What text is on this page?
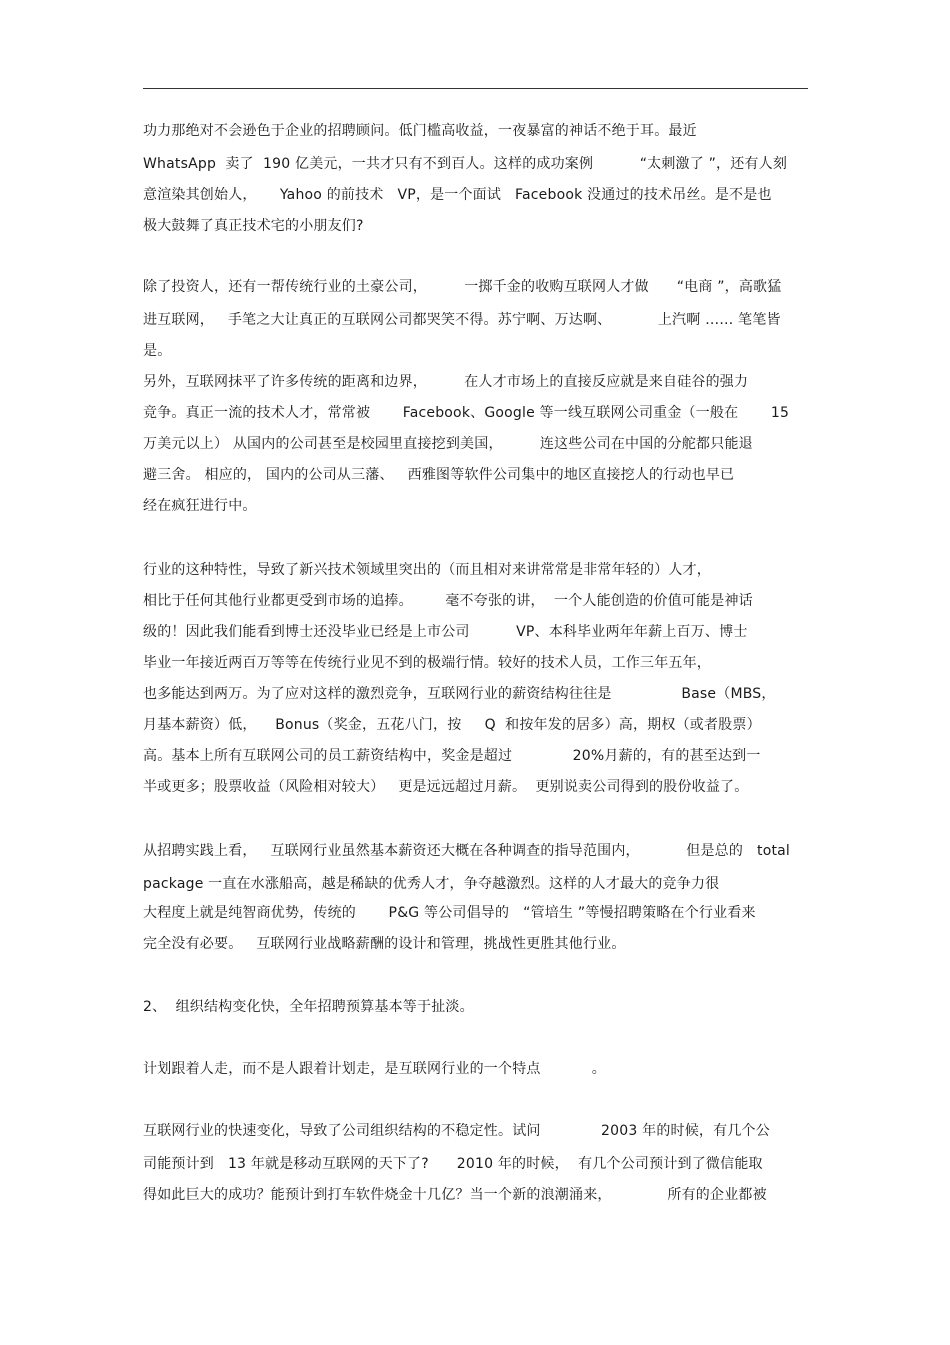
功力那绝对不会逊色于企业的招聘顾问。低门槛高收益，一夜暴富的神话不绝于耳。最近
WhatsApp  卖了  190 亿美元，一共才只有不到百人。这样的成功案例          “太刺激了 ”，还有人刻
意渲染其创始人，     Yahoo 的前技术   VP，是一个面试   Facebook 没通过的技术吊丝。是不是也
极大鼓舞了真正技术宅的小朋友们?
除了投资人，还有一帮传统行业的土豪公司，        一掷千金的收购互联网人才做      “电商 ”，高歌猛
进互联网，   手笔之大让真正的互联网公司都哭笑不得。苏宁啊、万达啊、          上汽啊 …… 笔笔皆
是。
另外，互联网抹平了许多传统的距离和边界，        在人才市场上的直接反应就是来自硅谷的强力
竞争。真正一流的技术人才，常常被       Facebook、Google 等一线互联网公司重金（一般在       15
万美元以上） 从国内的公司甚至是校园里直接挖到美国，        连这些公司在中国的分舵都只能退
避三舍。 相应的， 国内的公司从三藩、   西雅图等软件公司集中的地区直接挖人的行动也早已
经在疯狂进行中。
行业的这种特性，导致了新兴技术领域里突出的（而且相对来讲常常是非常年轻的）人才，
相比于任何其他行业都更受到市场的追捧。       毫不夸张的讲，  一个人能创造的价值可能是神话
级的！因此我们能看到博士还没毕业已经是上市公司          VP、本科毕业两年年薪上百万、博士
毕业一年接近两百万等等在传统行业见不到的极端行情。较好的技术人员，工作三年五年，
也多能达到两万。为了应对这样的激烈竞争，互联网行业的薪资结构往往是               Base（MBS，
月基本薪资）低，    Bonus（奖金，五花八门，按     Q  和按年发的居多）高，期权（或者股票）
高。基本上所有互联网公司的员工薪资结构中，奖金是超过             20%月薪的，有的甚至达到一
半或更多；股票收益（风险相对较大）   更是远远超过月薪。  更别说卖公司得到的股份收益了。
从招聘实践上看，   互联网行业虽然基本薪资还大概在各种调查的指导范围内，          但是总的   total
package 一直在水涨船高，越是稀缺的优秀人才，争夺越激烈。这样的人才最大的竞争力很
大程度上就是纯智商优势，传统的       P&G 等公司倡导的   “管培生 ”等慢招聘策略在个行业看来
完全没有必要。   互联网行业战略薪酬的设计和管理，挑战性更胜其他行业。
2、  组织结构变化快，全年招聘预算基本等于扯淡。
计划跟着人走，而不是人跟着计划走，是互联网行业的一个特点           。
互联网行业的快速变化，导致了公司组织结构的不稳定性。试问             2003 年的时候，有几个公
司能预计到   13 年就是移动互联网的天下了?      2010 年的时候，  有几个公司预计到了微信能取
得如此巨大的成功？能预计到打车软件烧金十几亿？当一个新的浪潮涌来，            所有的企业都被
